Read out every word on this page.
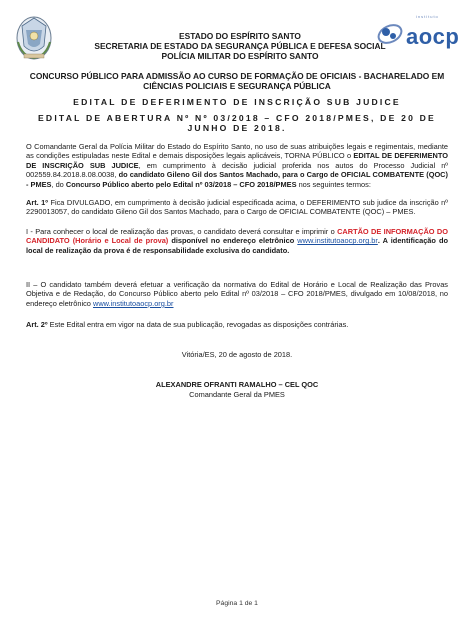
instituto
aocp
ESTADO DO ESPÍRITO SANTO
SECRETARIA DE ESTADO DA SEGURANÇA PÚBLICA E DEFESA SOCIAL
POLÍCIA MILITAR DO ESPÍRITO SANTO
CONCURSO PÚBLICO PARA ADMISSÃO AO CURSO DE FORMAÇÃO DE OFICIAIS - BACHARELADO EM
CIÊNCIAS POLICIAIS E SEGURANÇA PÚBLICA
EDITAL DE DEFERIMENTO DE INSCRIÇÃO SUB JUDICE
EDITAL DE ABERTURA Nº Nº 03/2018 – CFO 2018/PMES, DE 20 DE
JUNHO DE 2018.
O Comandante Geral da Polícia Militar do Estado do Espírito Santo, no uso de suas atribuições legais e regimentais, mediante as condições estipuladas neste Edital e demais disposições legais aplicáveis, TORNA PÚBLICO o EDITAL DE DEFERIMENTO DE INSCRIÇÃO SUB JUDICE, em cumprimento à decisão judicial proferida nos autos do Processo Judicial nº 002559.84.2018.8.08.0038, do candidato Gileno Gil dos Santos Machado, para o Cargo de OFICIAL COMBATENTE (QOC) - PMES, do Concurso Público aberto pelo Edital nº 03/2018 – CFO 2018/PMES nos seguintes termos:
Art. 1º Fica DIVULGADO, em cumprimento à decisão judicial especificada acima, o DEFERIMENTO sub judice da inscrição nº 2290013057, do candidato Gileno Gil dos Santos Machado, para o Cargo de OFICIAL COMBATENTE (QOC) – PMES.
I - Para conhecer o local de realização das provas, o candidato deverá consultar e imprimir o CARTÃO DE INFORMAÇÃO DO CANDIDATO (Horário e Local de prova) disponível no endereço eletrônico www.institutoaocp.org.br. A identificação do local de realização da prova é de responsabilidade exclusiva do candidato.
II – O candidato também deverá efetuar a verificação da normativa do Edital de Horário e Local de Realização das Provas Objetiva e de Redação, do Concurso Público aberto pelo Edital nº 03/2018 – CFO 2018/PMES, divulgado em 10/08/2018, no endereço eletrônico www.institutoaocp.org.br
Art. 2º Este Edital entra em vigor na data de sua publicação, revogadas as disposições contrárias.
Vitória/ES, 20 de agosto de 2018.
ALEXANDRE OFRANTI RAMALHO – CEL QOC
Comandante Geral da PMES
Página 1 de 1
